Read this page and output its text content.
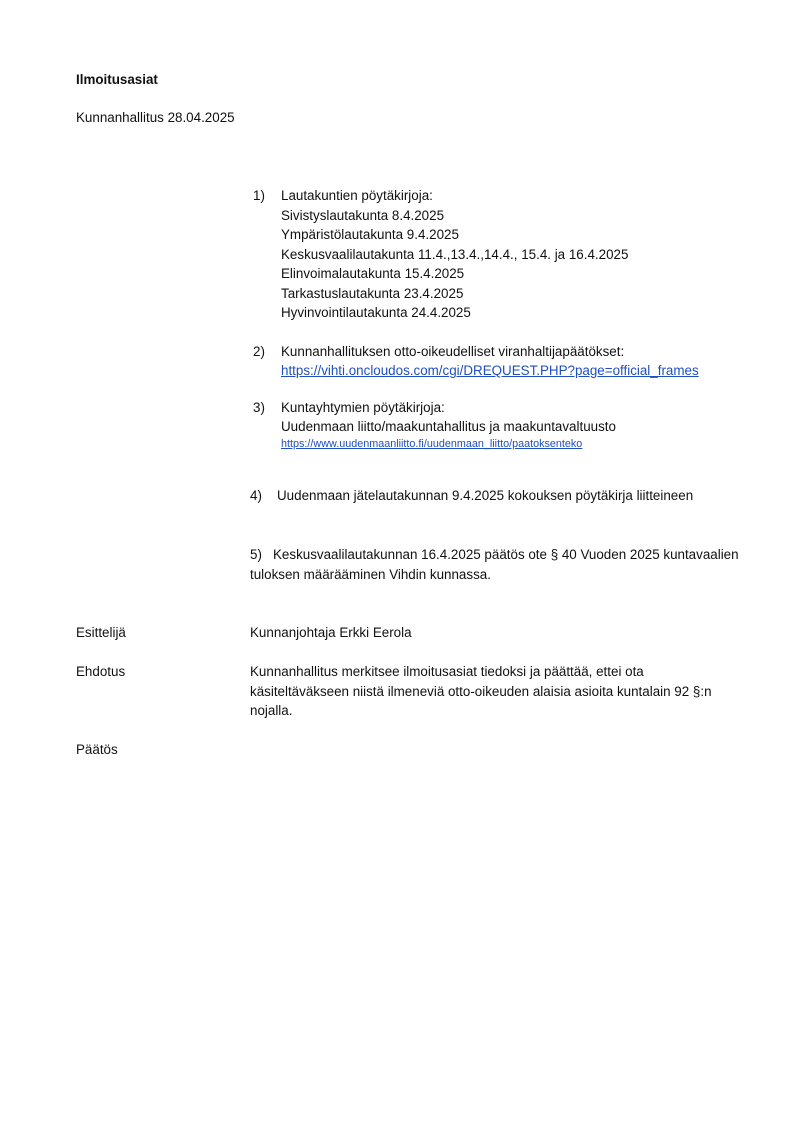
Ilmoitusasiat
Kunnanhallitus 28.04.2025
1)	Lautakuntien pöytäkirjoja:
Sivistyslautakunta 8.4.2025
Ympäristölautakunta 9.4.2025
Keskusvaalilautakunta 11.4.,13.4.,14.4., 15.4. ja 16.4.2025
Elinvoimalautakunta 15.4.2025
Tarkastuslautakunta 23.4.2025
Hyvinvointilautakunta 24.4.2025
2)	Kunnanhallituksen otto-oikeudelliset viranhaltijapäätökset:
https://vihti.oncloudos.com/cgi/DREQUEST.PHP?page=official_frames
3)	Kuntayhtymien pöytäkirjoja:
Uudenmaan liitto/maakuntahallitus ja maakuntavaltuusto
https://www.uudenmaanliitto.fi/uudenmaan_liitto/paatoksenteko
4)	Uudenmaan jätelautakunnan 9.4.2025 kokouksen pöytäkirja liitteineen
5) Keskusvaalilautakunnan 16.4.2025 päätös ote § 40 Vuoden 2025 kuntavaalien tuloksen määrääminen Vihdin kunnassa.
Esittelijä	Kunnanjohtaja Erkki Eerola
Ehdotus	Kunnanhallitus merkitsee ilmoitusasiat tiedoksi ja päättää, ettei ota käsiteltäväkseen niistä ilmeneviä otto-oikeuden alaisia asioita kuntalain 92 §:n nojalla.
Päätös
